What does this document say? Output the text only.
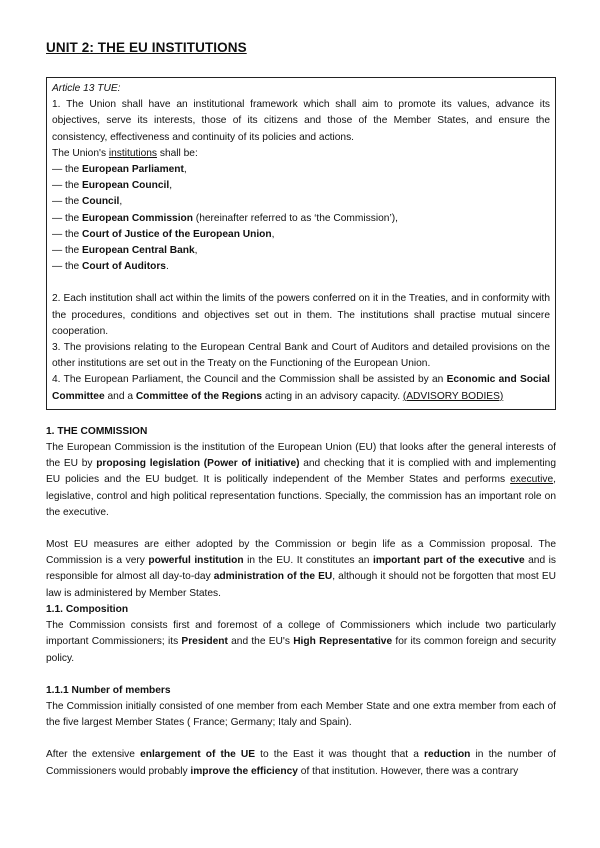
UNIT 2: THE EU INSTITUTIONS

Article 13 TUE:

1. The Union shall have an institutional framework which shall aim to promote its values, advance its objectives, serve its interests, those of its citizens and those of the Member States, and ensure the consistency, effectiveness and continuity of its policies and actions.

The Union's institutions shall be:

— the European Parliament,

— the European Council,

— the Council,

— the European Commission (hereinafter referred to as ‘the Commission’),

— the Court of Justice of the European Union,

— the European Central Bank,

— the Court of Auditors.

2. Each institution shall act within the limits of the powers conferred on it in the Treaties, and in conformity with the procedures, conditions and objectives set out in them. The institutions shall practise mutual sincere cooperation.

3. The provisions relating to the European Central Bank and Court of Auditors and detailed provisions on the other institutions are set out in the Treaty on the Functioning of the European Union.

4. The European Parliament, the Council and the Commission shall be assisted by an Economic and Social Committee and a Committee of the Regions acting in an advisory capacity. (ADVISORY BODIES)

1. THE COMMISSION

The European Commission is the institution of the European Union (EU) that looks after the general interests of the EU by proposing legislation (Power of initiative) and checking that it is complied with and implementing EU policies and the EU budget. It is politically independent of the Member States and performs executive, legislative, control and high political representation functions. Specially, the commission has an important role on the executive.

Most EU measures are either adopted by the Commission or begin life as a Commission proposal. The Commission is a very powerful institution in the EU. It constitutes an important part of the executive and is responsible for almost all day-to-day administration of the EU, although it should not be forgotten that most EU law is administered by Member States.

1.1. Composition

The Commission consists first and foremost of a college of Commissioners which include two particularly important Commissioners; its President and the EU's High Representative for its common foreign and security policy.

1.1.1 Number of members

The Commission initially consisted of one member from each Member State and one extra member from each of the five largest Member States ( France; Germany; Italy and Spain).

After the extensive enlargement of the UE to the East it was thought that a reduction in the number of Commissioners would probably improve the efficiency of that institution. However, there was a contrary
